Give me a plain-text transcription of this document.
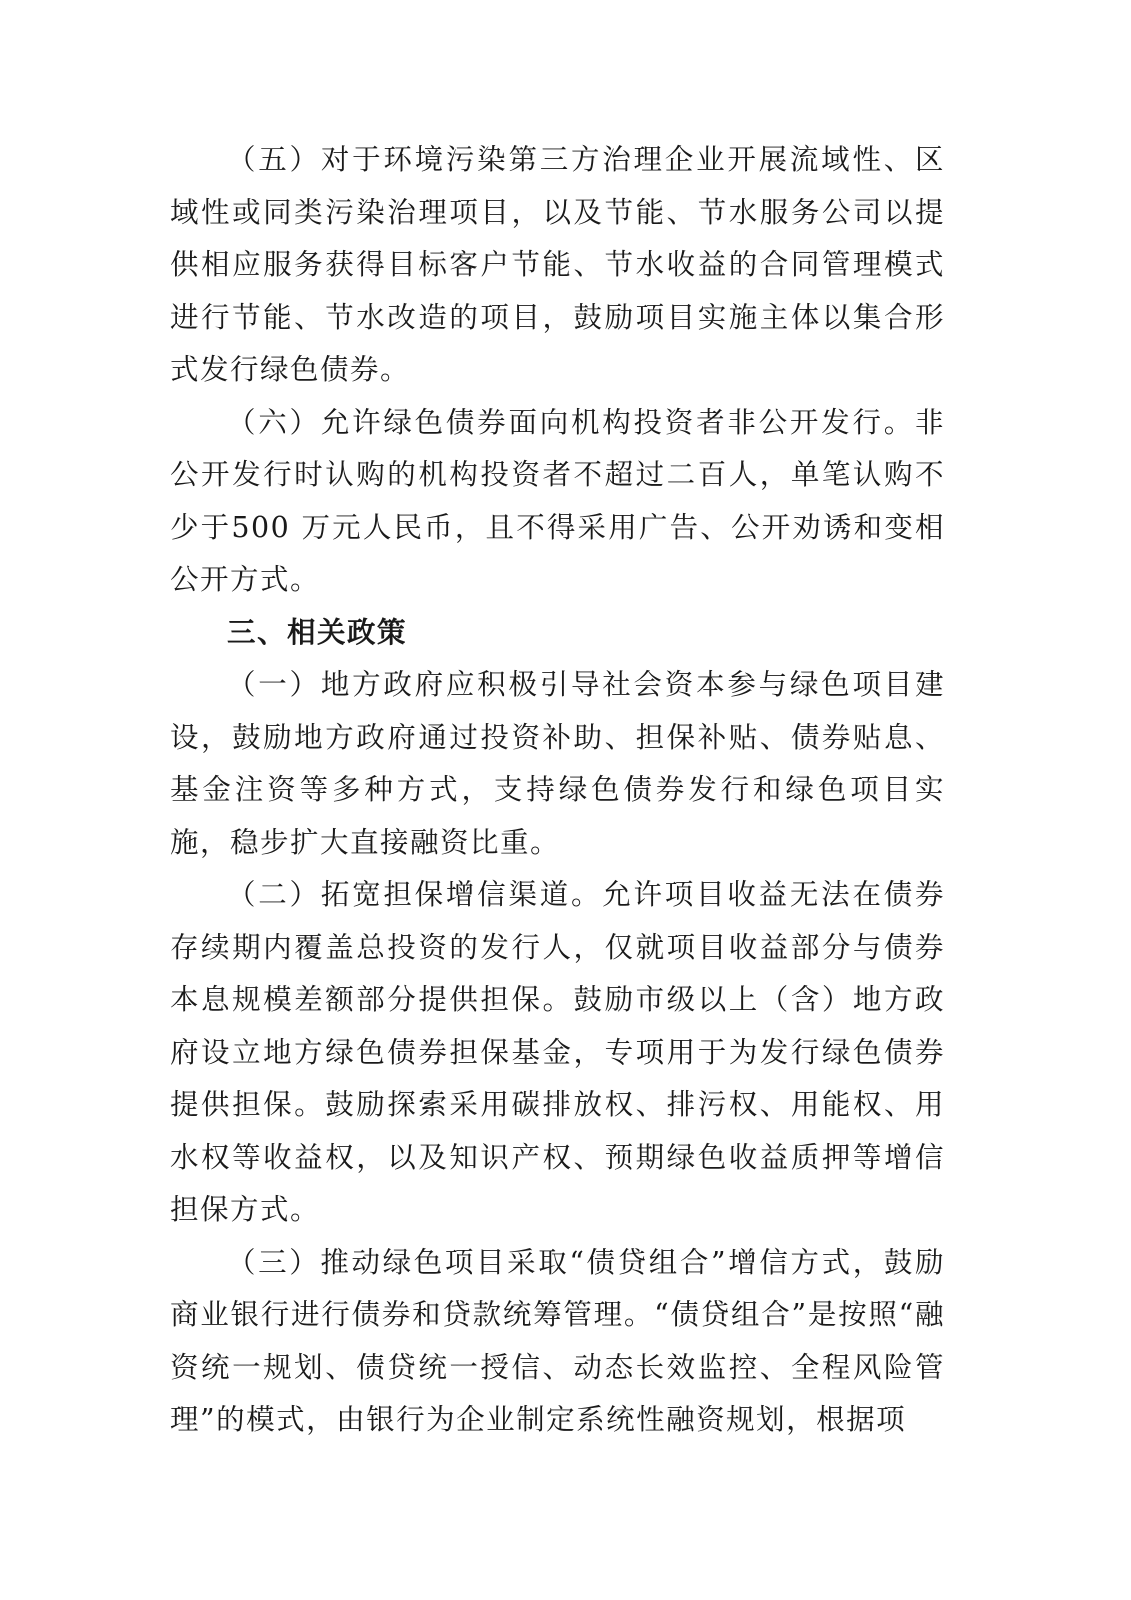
（五）对于环境污染第三方治理企业开展流域性、区域性或同类污染治理项目，以及节能、节水服务公司以提供相应服务获得目标客户节能、节水收益的合同管理模式进行节能、节水改造的项目，鼓励项目实施主体以集合形式发行绿色债券。

（六）允许绿色债券面向机构投资者非公开发行。非公开发行时认购的机构投资者不超过二百人，单笔认购不少于500 万元人民币，且不得采用广告、公开劝诱和变相公开方式。

三、相关政策

（一）地方政府应积极引导社会资本参与绿色项目建设，鼓励地方政府通过投资补助、担保补贴、债券贴息、基金注资等多种方式，支持绿色债券发行和绿色项目实施，稳步扩大直接融资比重。

（二）拓宽担保增信渠道。允许项目收益无法在债券存续期内覆盖总投资的发行人，仅就项目收益部分与债券本息规模差额部分提供担保。鼓励市级以上（含）地方政府设立地方绿色债券担保基金，专项用于为发行绿色债券提供担保。鼓励探索采用碳排放权、排污权、用能权、用水权等收益权，以及知识产权、预期绿色收益质押等增信担保方式。

（三）推动绿色项目采取“债贷组合”增信方式，鼓励商业银行进行债券和贷款统筹管理。“债贷组合”是按照“融资统一规划、债贷统一授信、动态长效监控、全程风险管理”的模式，由银行为企业制定系统性融资规划，根据项
